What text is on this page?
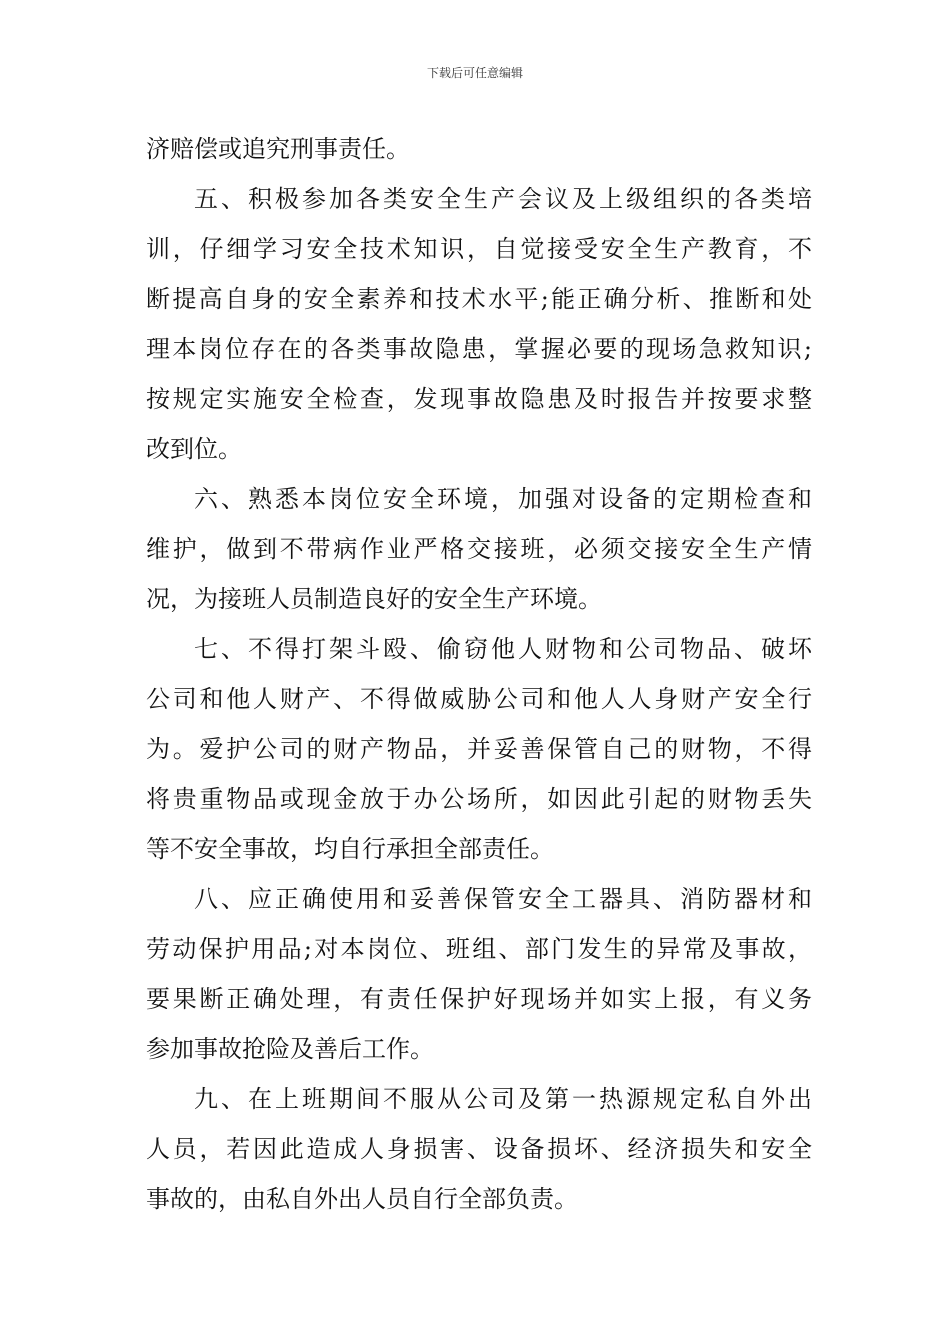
下载后可任意编辑
济赔偿或追究刑事责任。
五、积极参加各类安全生产会议及上级组织的各类培
训，仔细学习安全技术知识，自觉接受安全生产教育，不
断提高自身的安全素养和技术水平;能正确分析、推断和处
理本岗位存在的各类事故隐患，掌握必要的现场急救知识;
按规定实施安全检查，发现事故隐患及时报告并按要求整
改到位。
六、熟悉本岗位安全环境，加强对设备的定期检查和
维护，做到不带病作业严格交接班，必须交接安全生产情
况，为接班人员制造良好的安全生产环境。
七、不得打架斗殴、偷窃他人财物和公司物品、破坏
公司和他人财产、不得做威胁公司和他人人身财产安全行
为。爱护公司的财产物品，并妥善保管自己的财物，不得
将贵重物品或现金放于办公场所，如因此引起的财物丢失
等不安全事故，均自行承担全部责任。
八、应正确使用和妥善保管安全工器具、消防器材和
劳动保护用品;对本岗位、班组、部门发生的异常及事故，
要果断正确处理，有责任保护好现场并如实上报，有义务
参加事故抢险及善后工作。
九、在上班期间不服从公司及第一热源规定私自外出
人员，若因此造成人身损害、设备损坏、经济损失和安全
事故的，由私自外出人员自行全部负责。
